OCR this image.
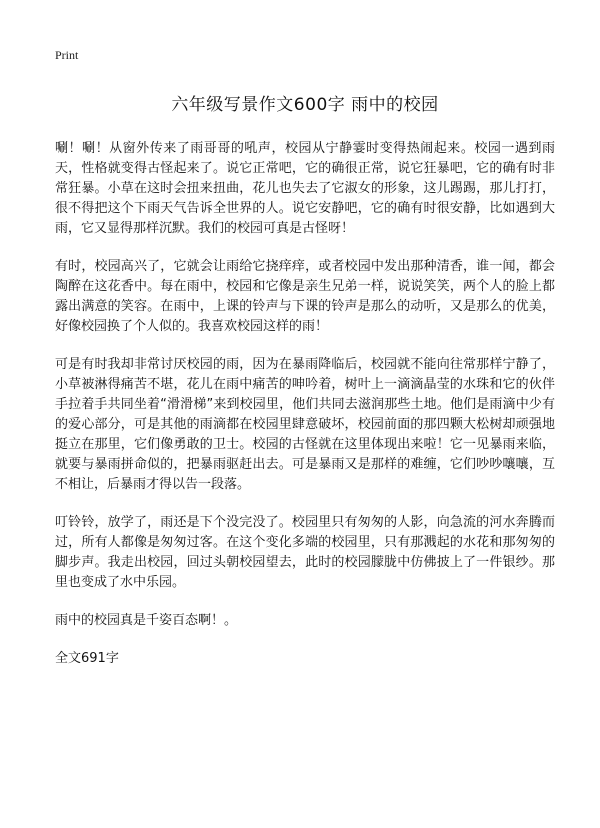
Print
六年级写景作文600字 雨中的校园

唰！唰！从窗外传来了雨哥哥的吼声，校园从宁静霎时变得热闹起来。校园一遇到雨天，性格就变得古怪起来了。说它正常吧，它的确很正常，说它狂暴吧，它的确有时非常狂暴。小草在这时会扭来扭曲，花儿也失去了它淑女的形象，这儿踢踢，那儿打打，很不得把这个下雨天气告诉全世界的人。说它安静吧，它的确有时很安静，比如遇到大雨，它又显得那样沉默。我们的校园可真是古怪呀！

有时，校园高兴了，它就会让雨给它挠痒痒，或者校园中发出那种清香，谁一闻，都会陶醉在这花香中。每在雨中，校园和它像是亲生兄弟一样，说说笑笑，两个人的脸上都露出满意的笑容。在雨中，上课的铃声与下课的铃声是那么的动听，又是那么的优美，好像校园换了个人似的。我喜欢校园这样的雨！

可是有时我却非常讨厌校园的雨，因为在暴雨降临后，校园就不能向往常那样宁静了，小草被淋得痛苦不堪，花儿在雨中痛苦的呻吟着，树叶上一滴滴晶莹的水珠和它的伙伴手拉着手共同坐着“滑滑梯”来到校园里，他们共同去滋润那些土地。他们是雨滴中少有的爱心部分，可是其他的雨滴都在校园里肆意破坏，校园前面的那四颗大松树却顽强地挺立在那里，它们像勇敢的卫士。校园的古怪就在这里体现出来啦！它一见暴雨来临，就要与暴雨拼命似的，把暴雨驱赶出去。可是暴雨又是那样的难缠，它们吵吵嚷嚷，互不相让，后暴雨才得以告一段落。

叮铃铃，放学了，雨还是下个没完没了。校园里只有匆匆的人影，向急流的河水奔腾而过，所有人都像是匆匆过客。在这个变化多端的校园里，只有那溅起的水花和那匆匆的脚步声。我走出校园，回过头朝校园望去，此时的校园朦胧中仿佛披上了一件银纱。那里也变成了水中乐园。

雨中的校园真是千姿百态啊！。

全文691字
